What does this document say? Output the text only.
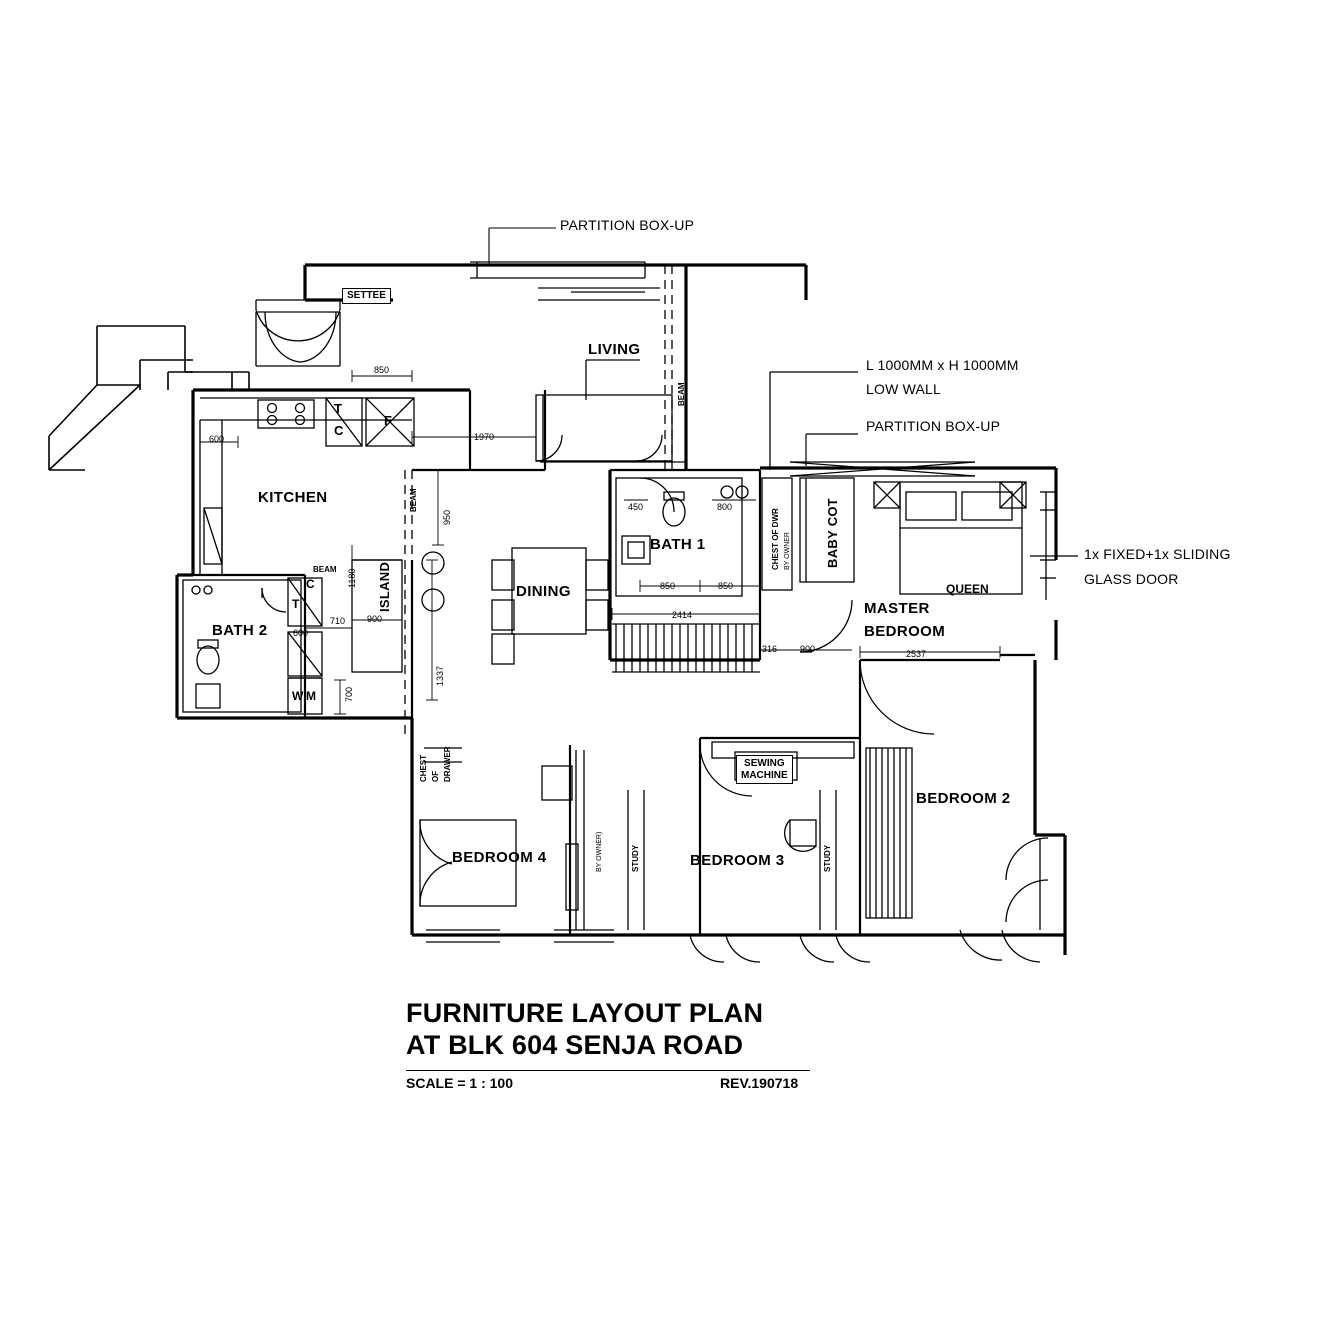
PARTITION BOX-UP
L 1000MM x H 1000MM
LOW WALL
PARTITION BOX-UP
1x FIXED+1x SLIDING
GLASS DOOR
LIVING
KITCHEN
DINING
BATH 1
BATH 2
MASTER
BEDROOM
BEDROOM 2
BEDROOM 3
BEDROOM 4
SETTEE
SEWING
MACHINE
ISLAND	QUEEN
BABY COT
CHEST OF DWR BY OWNER
CHEST OF DRAWER
STUDY	STUDY
BY OWNER)
T
C
F
T
C
W M
BEAM
BEAM
BEAM
850
600	1970
950
1180
900
710
600
700
1337
450	800
850	850
2414
316	900	2537
FURNITURE LAYOUT PLAN
AT BLK 604 SENJA ROAD
SCALE = 1 : 100	REV.190718
